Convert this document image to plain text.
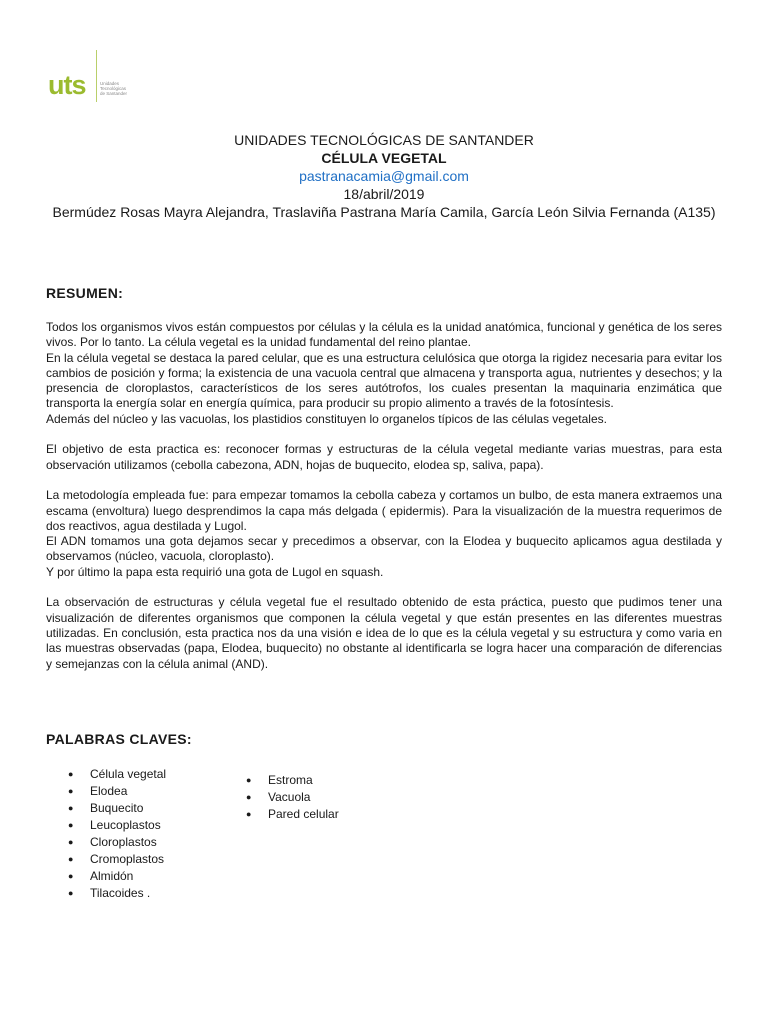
uts	Unidades
Tecnológicas
de Santander
UNIDADES TECNOLÓGICAS DE SANTANDER
CÉLULA VEGETAL
pastranacamia@gmail.com
18/abril/2019
Bermúdez Rosas Mayra Alejandra, Traslaviña Pastrana María Camila, García León Silvia Fernanda (A135)
RESUMEN:

Todos los organismos vivos están compuestos por células y la célula es la unidad anatómica, funcional y genética de los seres vivos. Por lo tanto. La célula vegetal es la unidad fundamental del reino plantae.
En la célula vegetal se destaca la pared celular, que es una estructura celulósica que otorga la rigidez necesaria para evitar los cambios de posición y forma; la existencia de una vacuola central que almacena y transporta agua, nutrientes y desechos; y la presencia de cloroplastos, característicos de los seres autótrofos, los cuales presentan la maquinaria enzimática que transporta la energía solar en energía química, para producir su propio alimento a través de la fotosíntesis.
Además del núcleo y las vacuolas, los plastidios constituyen lo organelos típicos de las células vegetales.

El objetivo de esta practica es: reconocer formas y estructuras de la célula vegetal mediante varias muestras, para esta observación utilizamos (cebolla cabezona, ADN, hojas de buquecito, elodea sp, saliva, papa).

La metodología empleada fue: para empezar tomamos la cebolla cabeza y cortamos un bulbo, de esta manera extraemos una escama (envoltura) luego desprendimos la capa más delgada ( epidermis). Para la visualización de la muestra requerimos de dos reactivos, agua destilada y Lugol.
El ADN tomamos una gota dejamos secar y precedimos a observar, con la Elodea y buquecito aplicamos agua destilada y observamos (núcleo, vacuola, cloroplasto).
Y por último la papa esta requirió una gota de Lugol en squash.

La observación de estructuras y célula vegetal fue el resultado obtenido de esta práctica, puesto que pudimos tener una visualización de diferentes organismos que componen la célula vegetal y que están presentes en las diferentes muestras utilizadas. En conclusión, esta practica nos da una visión e idea de lo que es la célula vegetal y su estructura y como varia en las muestras observadas (papa, Elodea, buquecito) no obstante al identificarla se logra hacer una comparación de diferencias y semejanzas con la célula animal (AND).

PALABRAS CLAVES:
● Célula vegetal
● Elodea
● Buquecito
● Leucoplastos
● Cloroplastos
● Cromoplastos
● Almidón
● Tilacoides .
● Estroma
● Vacuola
● Pared celular
